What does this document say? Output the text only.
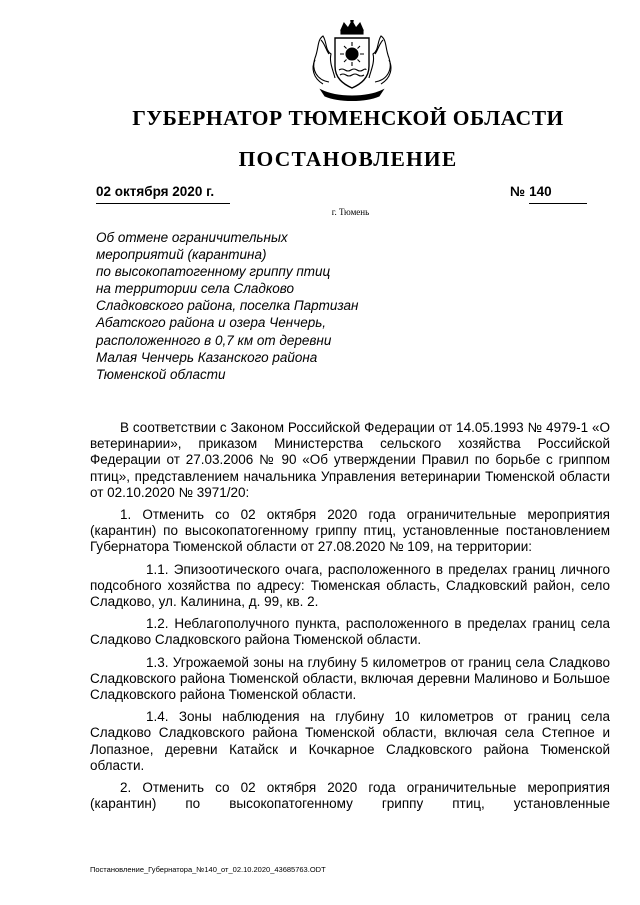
ГУБЕРНАТОР ТЮМЕНСКОЙ ОБЛАСТИ
ПОСТАНОВЛЕНИЕ
02 октября 2020 г.	№ 140
г. Тюмень
Об отмене ограничительных
мероприятий (карантина)
по высокопатогенному гриппу птиц
на территории села Сладково
Сладковского района, поселка Партизан
Абатского района и озера Ченчерь,
расположенного в 0,7 км от деревни
Малая Ченчерь Казанского района
Тюменской области

В соответствии с Законом Российской Федерации от 14.05.1993 № 4979-1 «О ветеринарии», приказом Министерства сельского хозяйства Российской Федерации от 27.03.2006 № 90 «Об утверждении Правил по борьбе с гриппом птиц», представлением начальника Управления ветеринарии Тюменской области от 02.10.2020 № 3971/20:

1. Отменить со 02 октября 2020 года ограничительные мероприятия (карантин) по высокопатогенному гриппу птиц, установленные постановлением Губернатора Тюменской области от 27.08.2020 № 109, на территории:

1.1. Эпизоотического очага, расположенного в пределах границ личного подсобного хозяйства по адресу: Тюменская область, Сладковский район, село Сладково, ул. Калинина, д. 99, кв. 2.

1.2. Неблагополучного пункта, расположенного в пределах границ села Сладково Сладковского района Тюменской области.

1.3. Угрожаемой зоны на глубину 5 километров от границ села Сладково Сладковского района Тюменской области, включая деревни Малиново и Большое Сладковского района Тюменской области.

1.4. Зоны наблюдения на глубину 10 километров от границ села Сладково Сладковского района Тюменской области, включая села Степное и Лопазное, деревни Катайск и Кочкарное Сладковского района Тюменской области.

2. Отменить со 02 октября 2020 года ограничительные мероприятия (карантин) по высокопатогенному гриппу птиц, установленные

Постановление_Губернатора_№140_от_02.10.2020_43685763.ODT
